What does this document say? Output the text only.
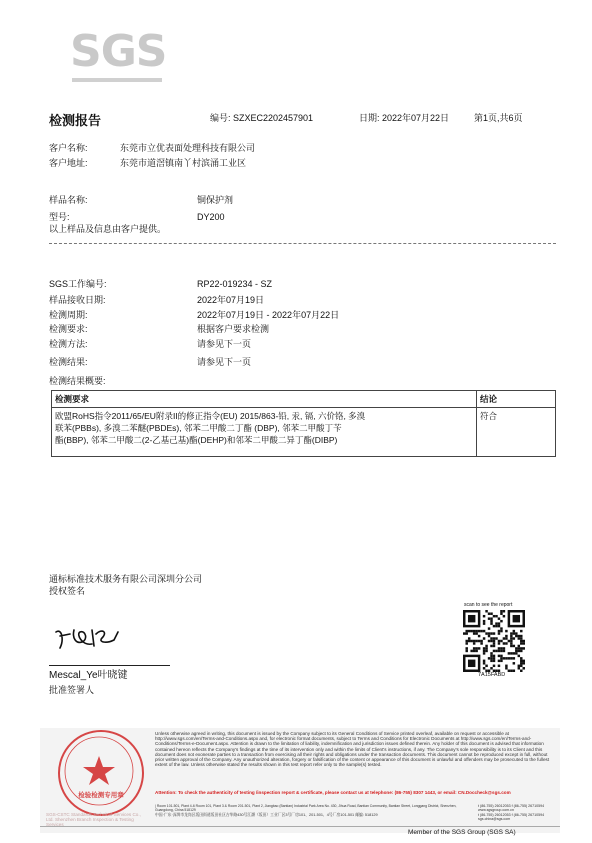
SGS
检测报告	编号: SZXEC2202457901	日期: 2022年07月22日	第1页,共6页
客户名称:	东莞市立优表面处理科技有限公司
客户地址:	东莞市道滘镇南丫村滨涌工业区
样品名称:	铜保护剂
型号:	DY200
以上样品及信息由客户提供。
SGS工作编号:	RP22-019234 - SZ
样品接收日期:	2022年07月19日
检测周期:	2022年07月19日 - 2022年07月22日
检测要求:	根据客户要求检测
检测方法:	请参见下一页
检测结果:	请参见下一页
检测结果概要:
检测要求	结论

欧盟RoHS指令2011/65/EU附录II的修正指令(EU) 2015/863-铅, 汞, 镉, 六价铬, 多溴
联苯(PBBs), 多溴二苯醚(PBDEs), 邻苯二甲酸二丁酯 (DBP), 邻苯二甲酸丁苄
酯(BBP), 邻苯二甲酸二(2-乙基己基)酯(DEHP)和邻苯二甲酸二异丁酯(DIBP)	符合
通标标准技术服务有限公司深圳分公司
授权签名
Mescal_Ye叶晓键
批准签署人
scan to see the report
7A15FABD
检验检测专用章
SGS-CSTC Standards Technical Services Co., Ltd. Shenzhen Branch Inspection & Testing Services
Unless otherwise agreed in writing, this document is issued by the Company subject to its General Conditions of Service printed overleaf, available on request or accessible at http://www.sgs.com/en/Terms-and-Conditions.aspx and, for electronic format documents, subject to Terms and Conditions for Electronic Documents at http://www.sgs.com/en/Terms-and-Conditions/Terms-e-Document.aspx. Attention is drawn to the limitation of liability, indemnification and jurisdiction issues defined therein. Any holder of this document is advised that information contained hereon reflects the Company's findings at the time of its intervention only and within the limits of Client's instructions, if any. The Company's sole responsibility is to its Client and this document does not exonerate parties to a transaction from exercising all their rights and obligations under the transaction documents. This document cannot be reproduced except in full, without prior written approval of the Company. Any unauthorized alteration, forgery or falsification of the content or appearance of this document is unlawful and offenders may be prosecuted to the fullest extent of the law. Unless otherwise stated the results shown in this test report refer only to the sample(s) tested.
Attention: To check the authenticity of testing /inspection report & certificate, please contact us at telephone: (86-755) 8307 1443, or email: CN.Doccheck@sgs.com
| Room 101-501, Plant 4-6 Room 101, Plant 3 & Room 201-501, Plant 2, Jiangbao (Bantian) Industrial Park Area No. 430, Jihua Road, Bantian Community, Bantian Street, Longgang District, Shenzhen, Guangdong, China 518129
t (86-755) 26012053 f (86-755) 26710594 www.sgsgroup.com.cn
中国·广东·深圳市龙岗区坂田街道坂田社区吉华路430号江灏（坂田）工业厂区3号厂房101、201-501、4号厂房101-501 邮编: 518129	t (86-755) 26012053 f (86-755) 26710594 sgs.china@sgs.com
Member of the SGS Group (SGS SA)
